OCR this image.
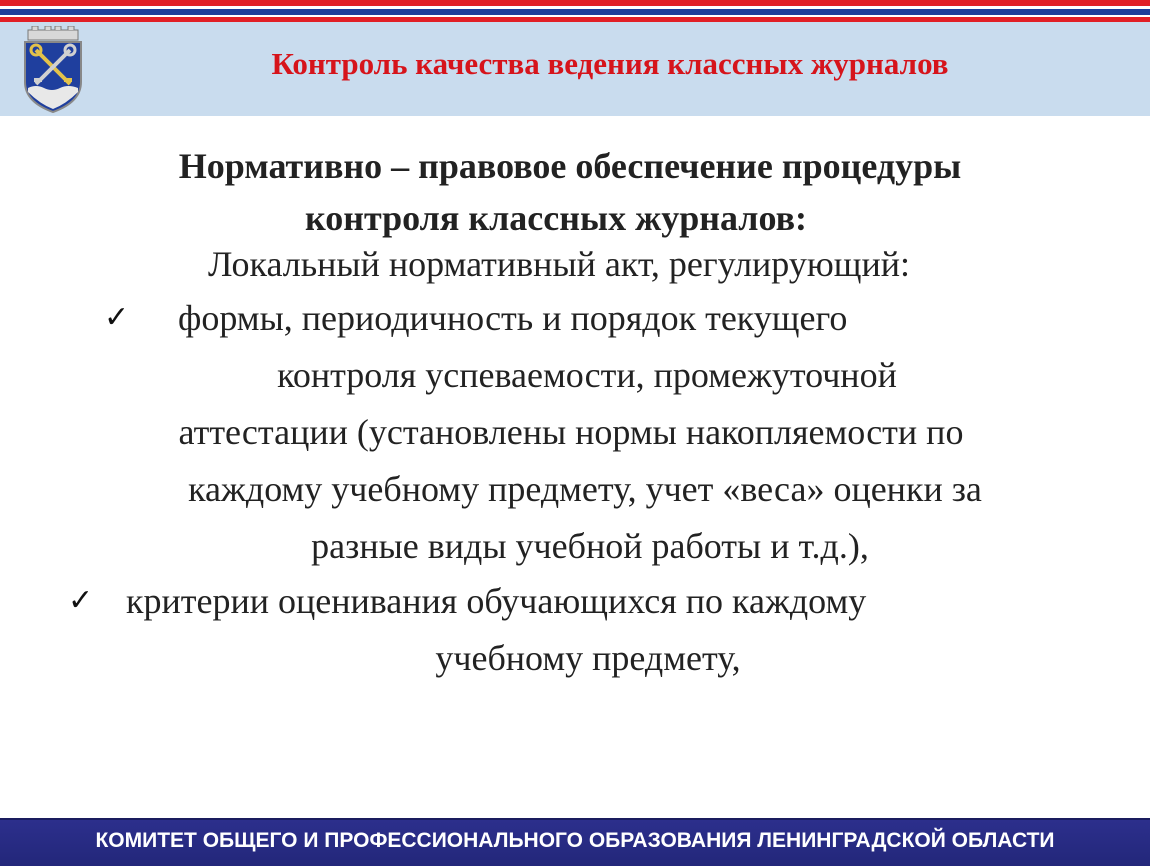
Контроль качества ведения классных журналов
Нормативно – правовое обеспечение процедуры
контроля классных журналов:
Локальный нормативный акт, регулирующий:
✓ формы, периодичность и порядок текущего
контроля успеваемости, промежуточной
аттестации (установлены нормы накопляемости по
каждому учебному предмету, учет «веса» оценки за
разные виды учебной работы и т.д.),
✓ критерии оценивания обучающихся по каждому
учебному предмету,
КОМИТЕТ ОБЩЕГО И ПРОФЕССИОНАЛЬНОГО ОБРАЗОВАНИЯ ЛЕНИНГРАДСКОЙ ОБЛАСТИ
